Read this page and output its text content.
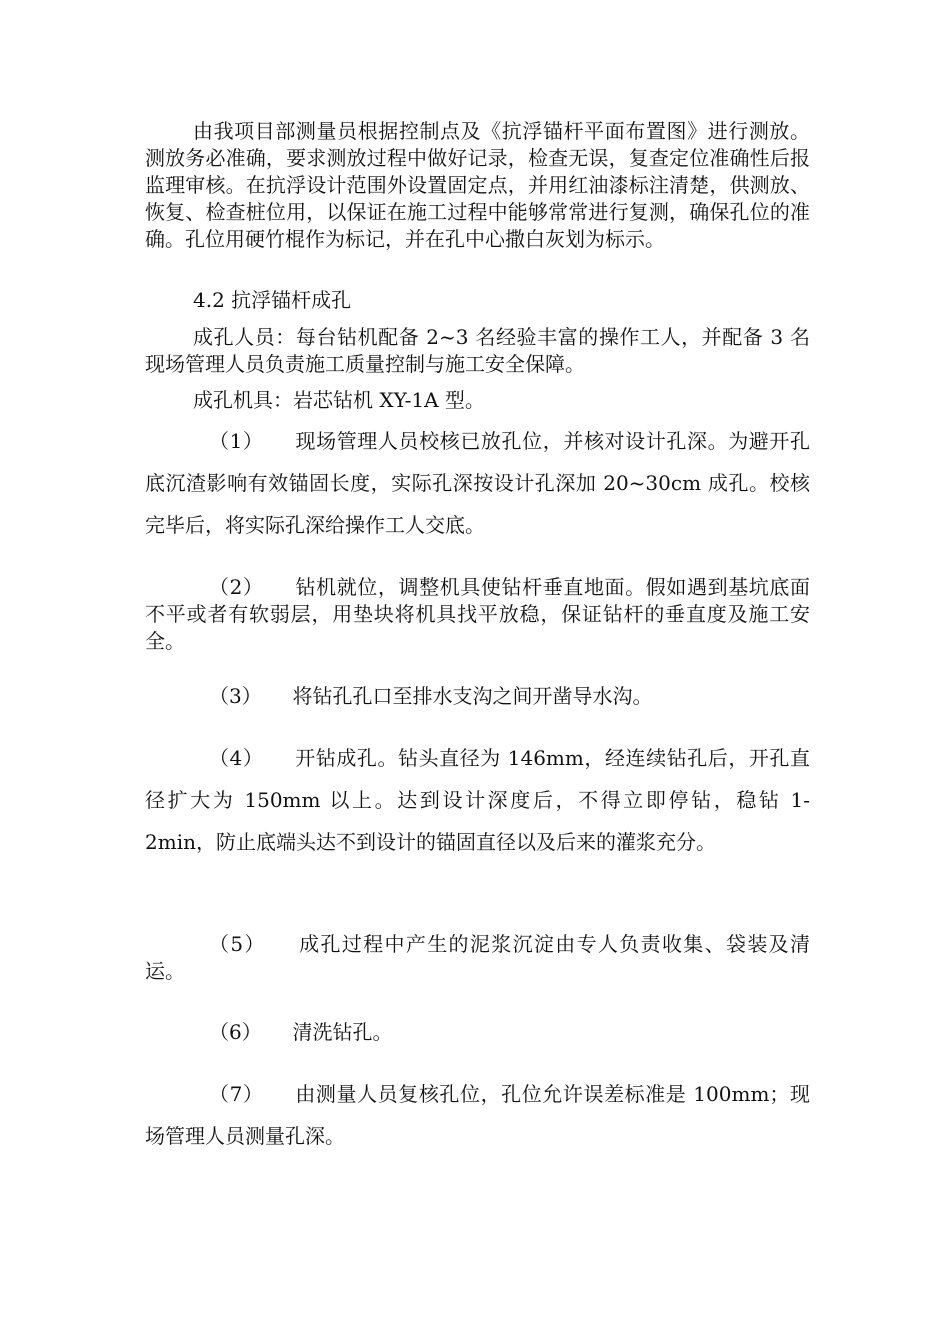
由我项目部测量员根据控制点及《抗浮锚杆平面布置图》进行测放。测放务必准确，要求测放过程中做好记录，检查无误，复查定位准确性后报监理审核。在抗浮设计范围外设置固定点，并用红油漆标注清楚，供测放、恢复、检查桩位用，以保证在施工过程中能够常常进行复测，确保孔位的准确。孔位用硬竹棍作为标记，并在孔中心撒白灰划为标示。

4.2 抗浮锚杆成孔

成孔人员：每台钻机配备 2~3 名经验丰富的操作工人，并配备 3 名现场管理人员负责施工质量控制与施工安全保障。

成孔机具：岩芯钻机 XY-1A 型。

（1） 现场管理人员校核已放孔位，并核对设计孔深。为避开孔底沉渣影响有效锚固长度，实际孔深按设计孔深加 20~30cm 成孔。校核完毕后，将实际孔深给操作工人交底。

（2） 钻机就位，调整机具使钻杆垂直地面。假如遇到基坑底面不平或者有软弱层，用垫块将机具找平放稳，保证钻杆的垂直度及施工安全。

（3） 将钻孔孔口至排水支沟之间开凿导水沟。

（4） 开钻成孔。钻头直径为 146mm，经连续钻孔后，开孔直径扩大为 150mm 以上。达到设计深度后，不得立即停钻，稳钻 1-2min，防止底端头达不到设计的锚固直径以及后来的灌浆充分。

（5） 成孔过程中产生的泥浆沉淀由专人负责收集、袋装及清运。

（6） 清洗钻孔。

（7） 由测量人员复核孔位，孔位允许误差标准是 100mm；现场管理人员测量孔深。
